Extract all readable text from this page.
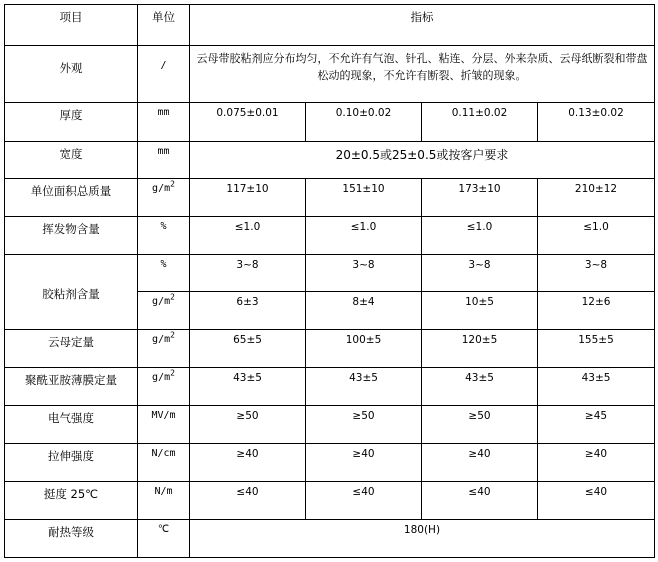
项目	单位	指标			
外观	/	云母带胶粘剂应分布均匀，不允许有气泡、针孔、粘连、分层、外来杂质、云母纸断裂和带盘松动的现象，不允许有断裂、折皱的现象。			
厚度	mm	0.075±0.01	0.10±0.02	0.11±0.02	0.13±0.02
宽度	mm	20±0.5或25±0.5或按客户要求			
单位面积总质量	$g/m^2$	117±10	151±10	173±10	210±12
挥发物含量	%	≤1.0	≤1.0	≤1.0	≤1.0
胶粘剂含量	%	3~8	3~8	3~8	3~8
	$g/m^2$	6±3	8±4	10±5	12±6
云母定量	$g/m^2$	65±5	100±5	120±5	155±5
聚酰亚胺薄膜定量	$g/m^2$	43±5	43±5	43±5	43±5
电气强度	MV/m	≥50	≥50	≥50	≥45
拉伸强度	N/cm	≥40	≥40	≥40	≥40
挺度 25℃	N/m	≤40	≤40	≤40	≤40
耐热等级	℃	180(H)			
